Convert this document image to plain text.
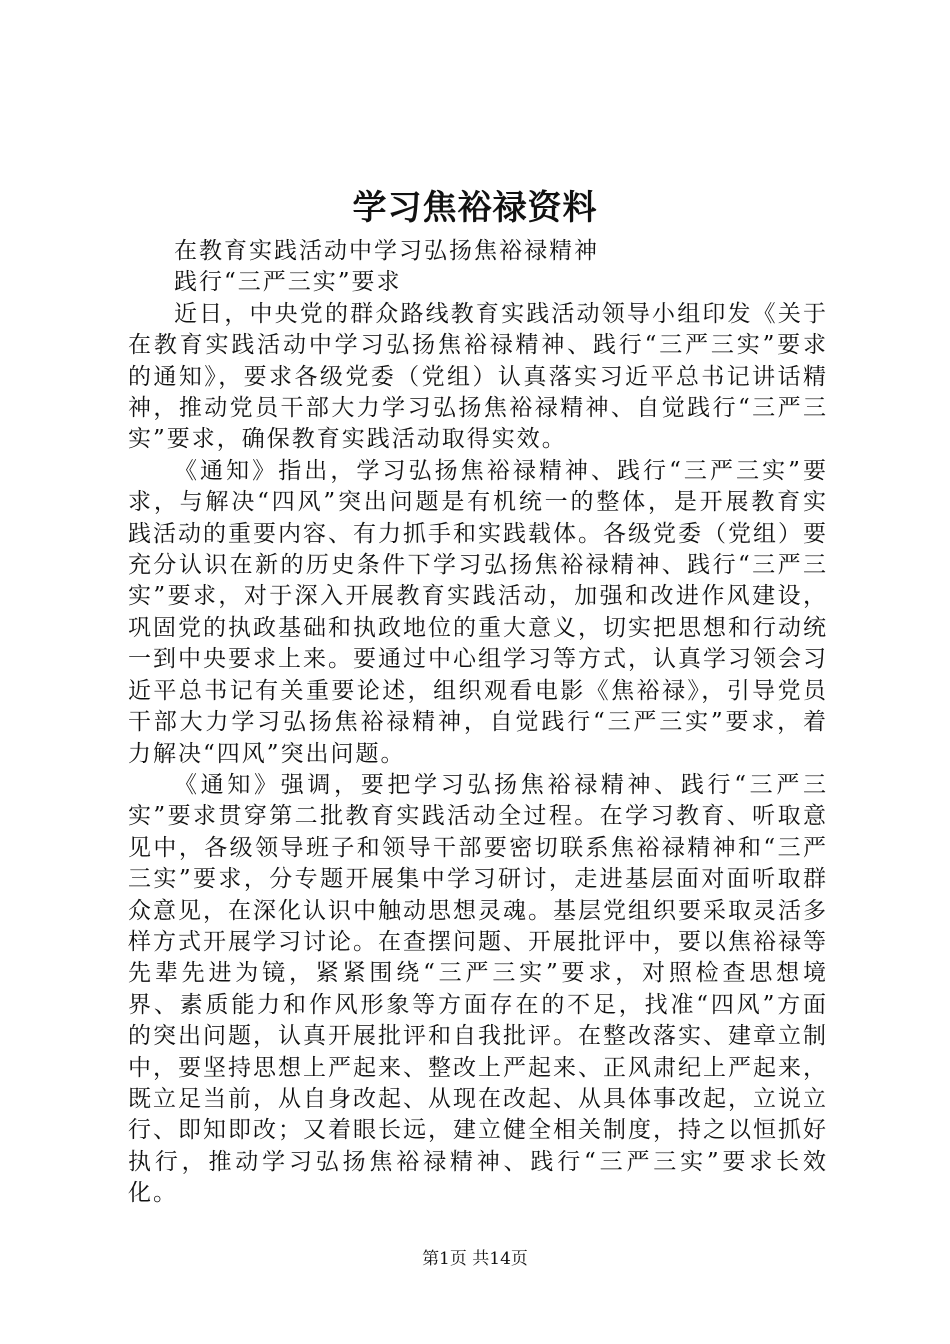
学习焦裕禄资料

在教育实践活动中学习弘扬焦裕禄精神

践行“三严三实”要求

近日，中央党的群众路线教育实践活动领导小组印发《关于在教育实践活动中学习弘扬焦裕禄精神、践行“三严三实”要求的通知》，要求各级党委（党组）认真落实习近平总书记讲话精神，推动党员干部大力学习弘扬焦裕禄精神、自觉践行“三严三实”要求，确保教育实践活动取得实效。

《通知》指出，学习弘扬焦裕禄精神、践行“三严三实”要求，与解决“四风”突出问题是有机统一的整体，是开展教育实践活动的重要内容、有力抓手和实践载体。各级党委（党组）要充分认识在新的历史条件下学习弘扬焦裕禄精神、践行“三严三实”要求，对于深入开展教育实践活动，加强和改进作风建设，巩固党的执政基础和执政地位的重大意义，切实把思想和行动统一到中央要求上来。要通过中心组学习等方式，认真学习领会习近平总书记有关重要论述，组织观看电影《焦裕禄》，引导党员干部大力学习弘扬焦裕禄精神，自觉践行“三严三实”要求，着力解决“四风”突出问题。

《通知》强调，要把学习弘扬焦裕禄精神、践行“三严三实”要求贯穿第二批教育实践活动全过程。在学习教育、听取意见中，各级领导班子和领导干部要密切联系焦裕禄精神和“三严三实”要求，分专题开展集中学习研讨，走进基层面对面听取群众意见，在深化认识中触动思想灵魂。基层党组织要采取灵活多样方式开展学习讨论。在查摆问题、开展批评中，要以焦裕禄等先辈先进为镜，紧紧围绕“三严三实”要求，对照检查思想境界、素质能力和作风形象等方面存在的不足，找准“四风”方面的突出问题，认真开展批评和自我批评。在整改落实、建章立制中，要坚持思想上严起来、整改上严起来、正风肃纪上严起来，既立足当前，从自身改起、从现在改起、从具体事改起，立说立行、即知即改；又着眼长远，建立健全相关制度，持之以恒抓好执行，推动学习弘扬焦裕禄精神、践行“三严三实”要求长效化。

第1页 共14页
